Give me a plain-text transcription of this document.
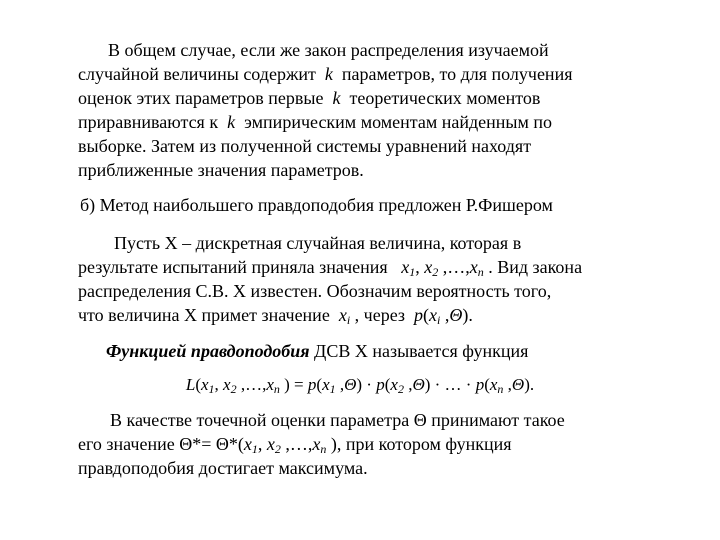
В общем случае, если же закон распределения изучаемой
случайной величины содержит k параметров, то для получения
оценок этих параметров первые k теоретических моментов
приравниваются к k эмпирическим моментам найденным по
выборке. Затем из полученной системы уравнений находят
приближенные значения параметров.
б) Метод наибольшего правдоподобия предложен Р.Фишером
Пусть X – дискретная случайная величина, которая в
результате испытаний приняла значения $x_1$, $x_2$ $,\dots,x_n$ . Вид закона
распределения С.В. X известен. Обозначим вероятность того,
что величина X примет значение $x_i$ , через $p(x_i$ ,Θ).
Функцией правдоподобия ДСВ X называется функция
$L(x_1$, $x_2$ $,\dots,x_n$ ) = $p(x_1$ $,\Theta) \cdot p(x_2$ ,Θ) · … · $p(x_n$ ,Θ).
В качестве точечной оценки параметра Θ принимают такое
его значение $\Theta*= \Theta*(x_1$, $x_2$ $,\dots,x_n$ ), при котором функция
правдоподобия достигает максимума.
